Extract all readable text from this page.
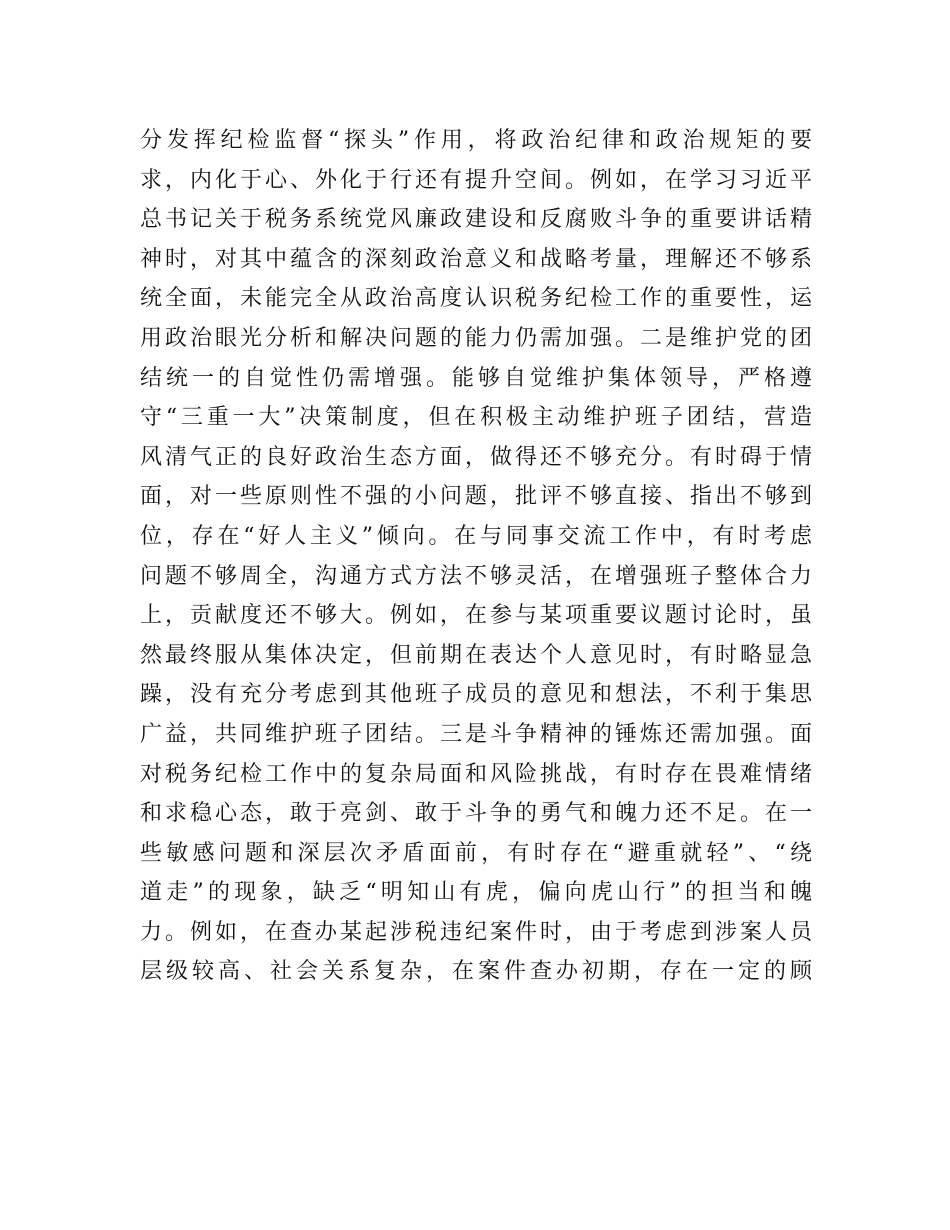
分发挥纪检监督“探头”作用，将政治纪律和政治规矩的要
求，内化于心、外化于行还有提升空间。例如，在学习习近平
总书记关于税务系统党风廉政建设和反腐败斗争的重要讲话精
神时，对其中蕴含的深刻政治意义和战略考量，理解还不够系
统全面，未能完全从政治高度认识税务纪检工作的重要性，运
用政治眼光分析和解决问题的能力仍需加强。二是维护党的团
结统一的自觉性仍需增强。能够自觉维护集体领导，严格遵
守“三重一大”决策制度，但在积极主动维护班子团结，营造
风清气正的良好政治生态方面，做得还不够充分。有时碍于情
面，对一些原则性不强的小问题，批评不够直接、指出不够到
位，存在“好人主义”倾向。在与同事交流工作中，有时考虑
问题不够周全，沟通方式方法不够灵活，在增强班子整体合力
上，贡献度还不够大。例如，在参与某项重要议题讨论时，虽
然最终服从集体决定，但前期在表达个人意见时，有时略显急
躁，没有充分考虑到其他班子成员的意见和想法，不利于集思
广益，共同维护班子团结。三是斗争精神的锤炼还需加强。面
对税务纪检工作中的复杂局面和风险挑战，有时存在畏难情绪
和求稳心态，敢于亮剑、敢于斗争的勇气和魄力还不足。在一
些敏感问题和深层次矛盾面前，有时存在“避重就轻”、“绕
道走”的现象，缺乏“明知山有虎，偏向虎山行”的担当和魄
力。例如，在查办某起涉税违纪案件时，由于考虑到涉案人员
层级较高、社会关系复杂，在案件查办初期，存在一定的顾
